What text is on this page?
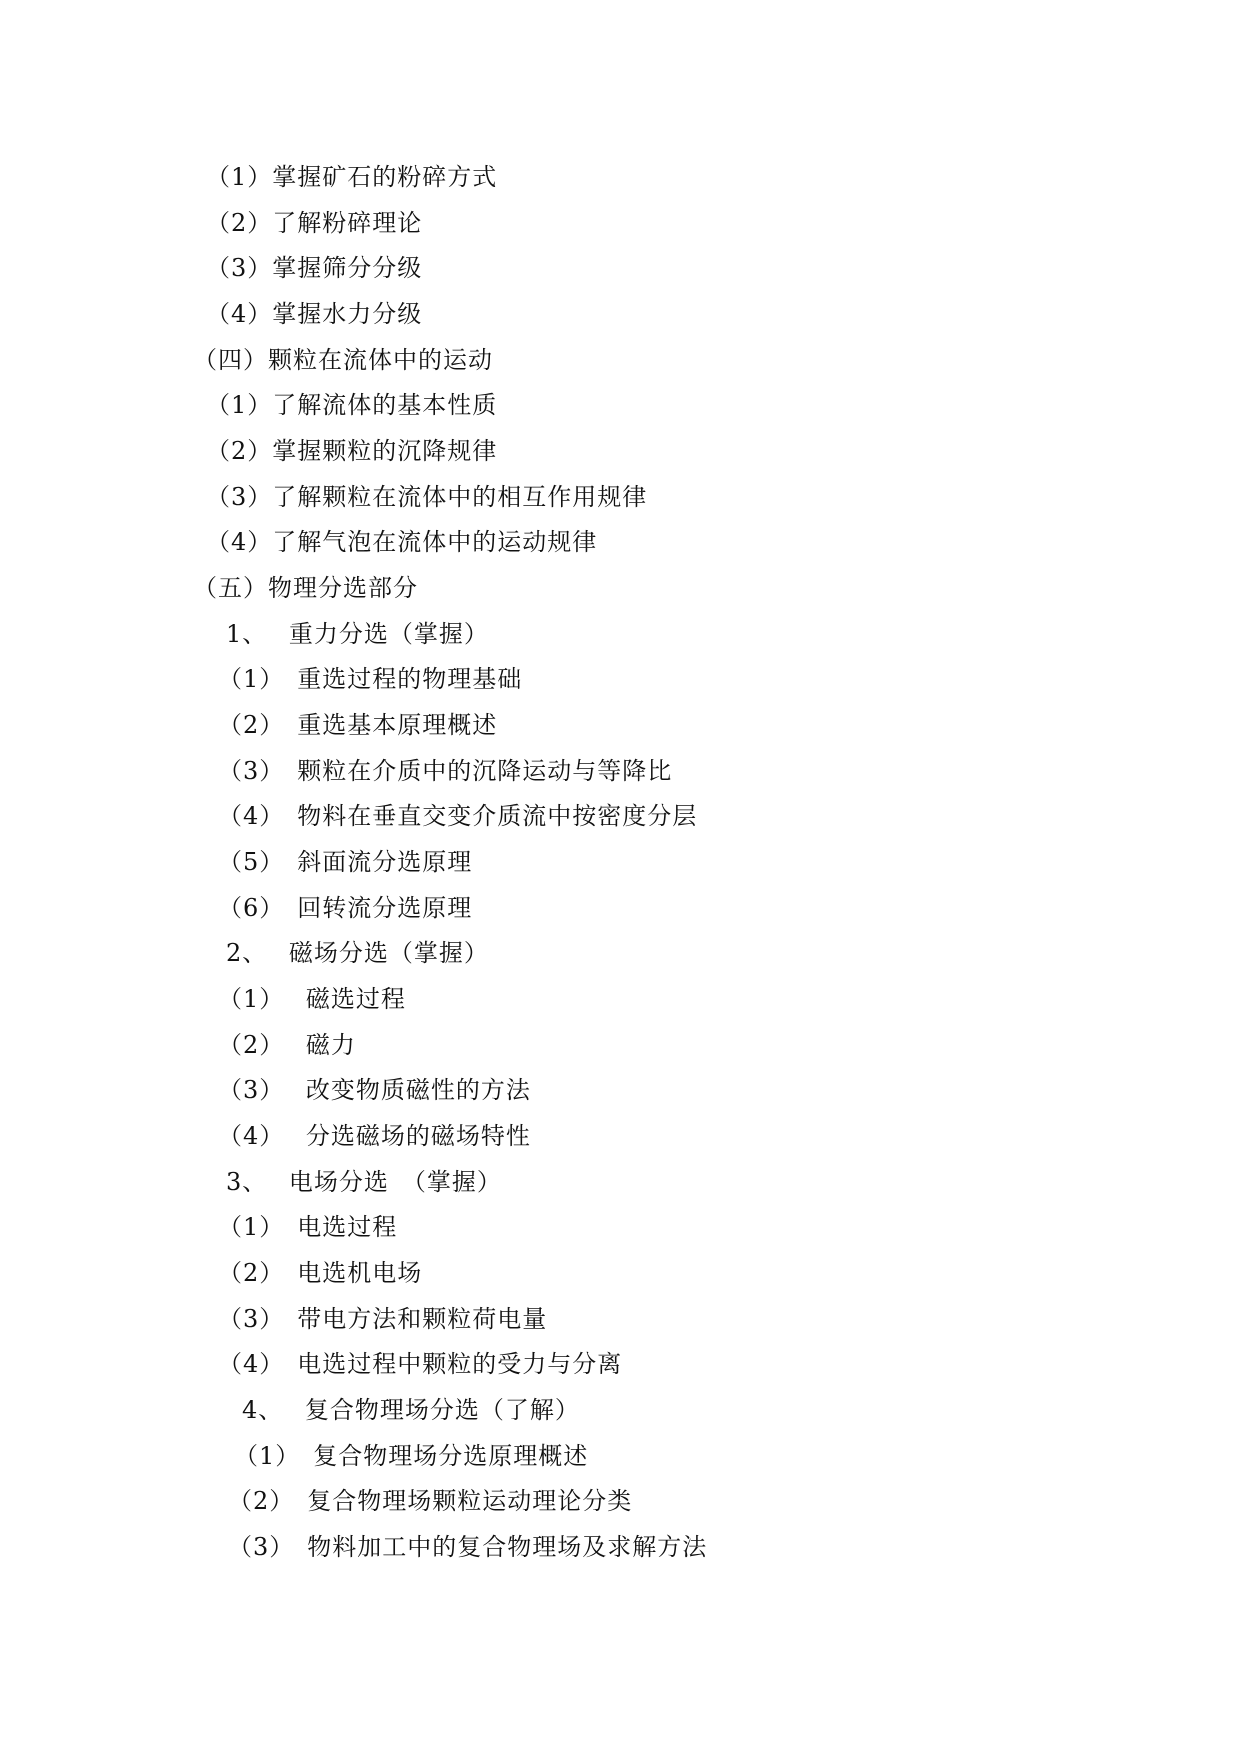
（1）掌握矿石的粉碎方式
（2）了解粉碎理论
（3）掌握筛分分级
（4）掌握水力分级
（四）颗粒在流体中的运动
（1）了解流体的基本性质
（2）掌握颗粒的沉降规律
（3）了解颗粒在流体中的相互作用规律
（4）了解气泡在流体中的运动规律
（五）物理分选部分
1、　 重力分选（掌握）
（1）　重选过程的物理基础
（2）　重选基本原理概述
（3）　颗粒在介质中的沉降运动与等降比
（4）　物料在垂直交变介质流中按密度分层
（5）　斜面流分选原理
（6）　回转流分选原理
2、　 磁场分选（掌握）
（1）　 磁选过程
（2）　 磁力
（3）　 改变物质磁性的方法
（4）　 分选磁场的磁场特性
3、　 电场分选　（掌握）
（1）　电选过程
（2）　电选机电场
（3）　带电方法和颗粒荷电量
（4）　电选过程中颗粒的受力与分离
4、　 复合物理场分选（了解）
（1）　复合物理场分选原理概述
（2）　复合物理场颗粒运动理论分类
（3）　物料加工中的复合物理场及求解方法
